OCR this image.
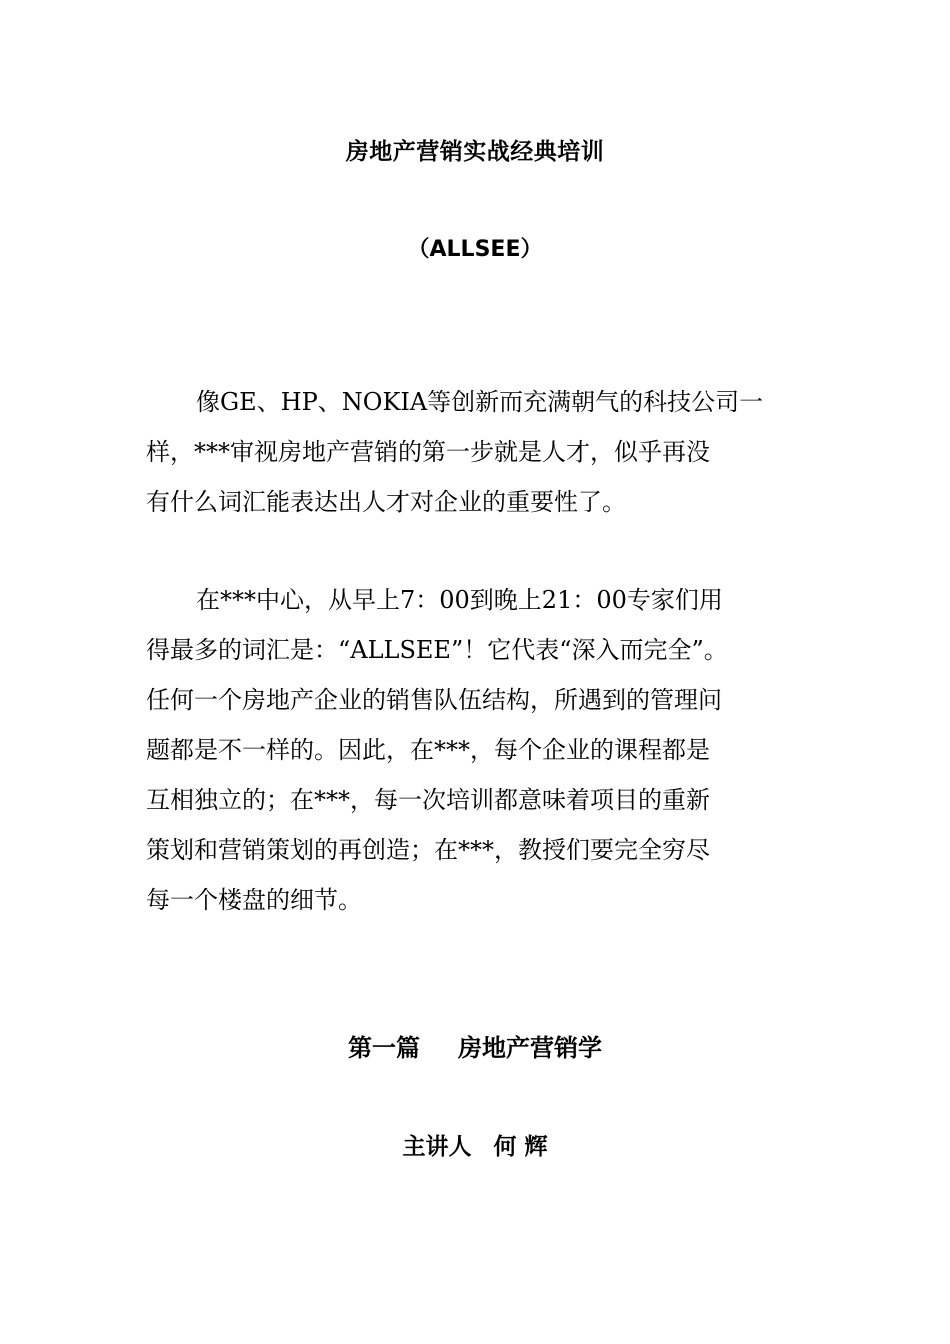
房地产营销实战经典培训
（ALLSEE）

像GE、HP、NOKIA等创新而充满朝气的科技公司一
样，***审视房地产营销的第一步就是人才，似乎再没
有什么词汇能表达出人才对企业的重要性了。

在***中心，从早上7：00到晚上21：00专家们用
得最多的词汇是：“ALLSEE”！它代表“深入而完全”。
任何一个房地产企业的销售队伍结构，所遇到的管理问
题都是不一样的。因此，在***，每个企业的课程都是
互相独立的；在***，每一次培训都意味着项目的重新
策划和营销策划的再创造；在***，教授们要完全穷尽
每一个楼盘的细节。

第一篇 房地产营销学
主讲人 何 辉
